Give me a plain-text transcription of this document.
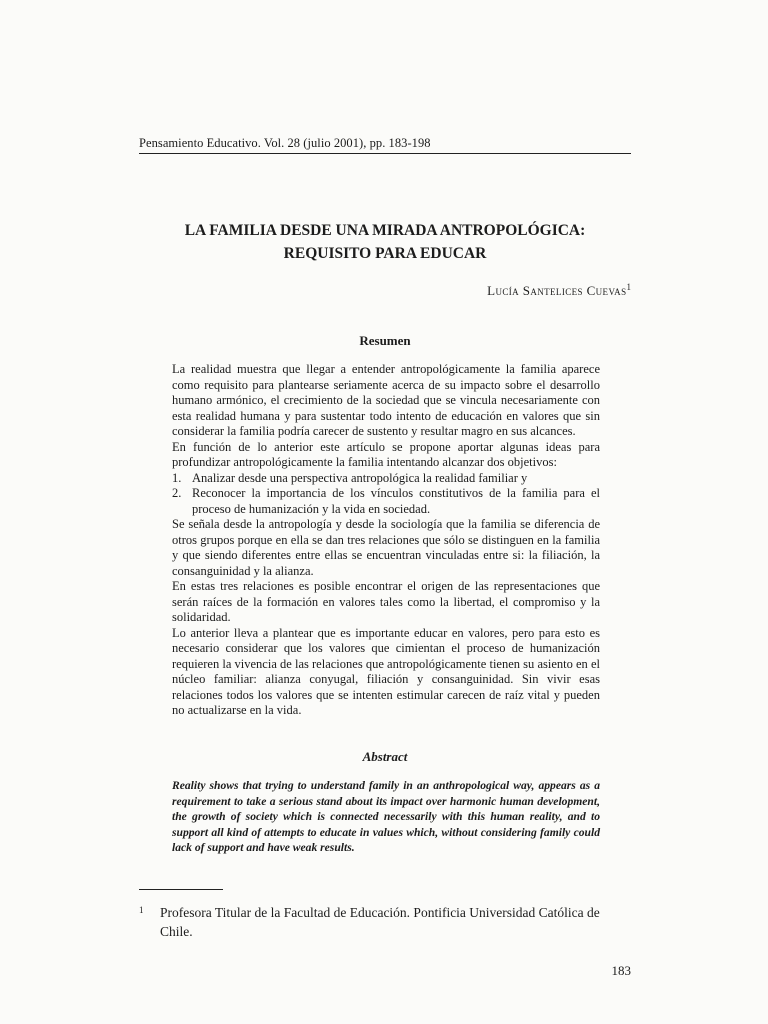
Pensamiento Educativo. Vol. 28 (julio 2001), pp. 183-198
LA FAMILIA DESDE UNA MIRADA ANTROPOLÓGICA:
REQUISITO PARA EDUCAR
Lucía Santelices Cuevas$^1$
Resumen

La realidad muestra que llegar a entender antropológicamente la familia aparece como requisito para plantearse seriamente acerca de su impacto sobre el desarrollo humano armónico, el crecimiento de la sociedad que se vincula necesariamente con esta realidad humana y para sustentar todo intento de educación en valores que sin considerar la familia podría carecer de sustento y resultar magro en sus alcances.

En función de lo anterior este artículo se propone aportar algunas ideas para profundizar antropológicamente la familia intentando alcanzar dos objetivos:

1. Analizar desde una perspectiva antropológica la realidad familiar y
2. Reconocer la importancia de los vínculos constitutivos de la familia para el proceso de humanización y la vida en sociedad.

Se señala desde la antropología y desde la sociología que la familia se diferencia de otros grupos porque en ella se dan tres relaciones que sólo se distinguen en la familia y que siendo diferentes entre ellas se encuentran vinculadas entre si: la filiación, la consanguinidad y la alianza.

En estas tres relaciones es posible encontrar el origen de las representaciones que serán raíces de la formación en valores tales como la libertad, el compromiso y la solidaridad.

Lo anterior lleva a plantear que es importante educar en valores, pero para esto es necesario considerar que los valores que cimientan el proceso de humanización requieren la vivencia de las relaciones que antropológicamente tienen su asiento en el núcleo familiar: alianza conyugal, filiación y consanguinidad. Sin vivir esas relaciones todos los valores que se intenten estimular carecen de raíz vital y pueden no actualizarse en la vida.

Abstract

Reality shows that trying to understand family in an anthropological way, appears as a requirement to take a serious stand about its impact over harmonic human development, the growth of society which is connected necessarily with this human reality, and to support all kind of attempts to educate in values which, without considering family could lack of support and have weak results.

1	Profesora Titular de la Facultad de Educación. Pontificia Universidad Católica de Chile.
183
